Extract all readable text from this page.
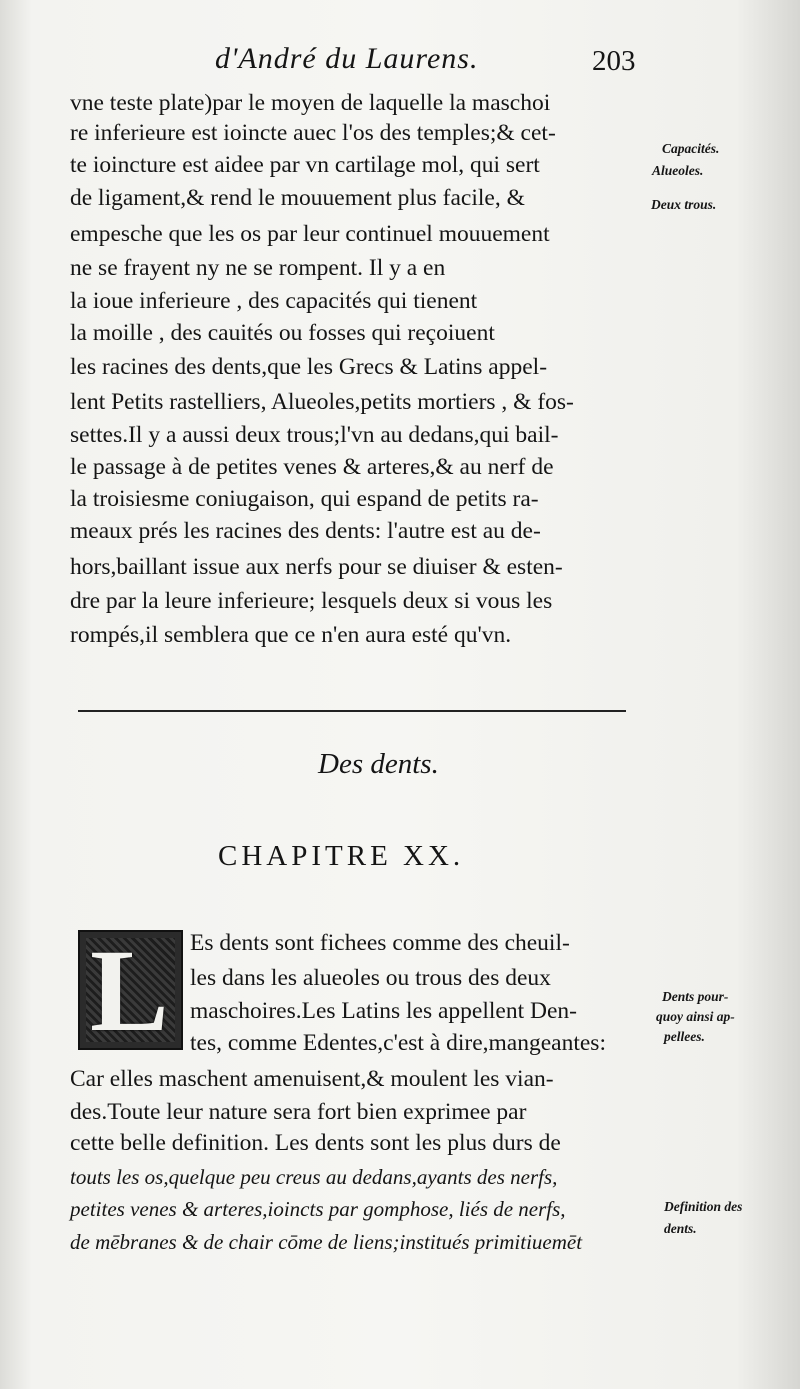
d'André du Laurens.	203
vne teste plate)par le moyen de laquelle la maschoi
re inferieure est ioincte auec l'os des temples;& cet-
te ioincture est aidee par vn cartilage mol, qui sert
de ligament,& rend le mouuement plus facile, &
empesche que les os par leur continuel mouuement
ne se frayent ny ne se rompent. Il y a en
la ioue inferieure , des capacités qui tienent
la moille , des cauités ou fosses qui reçoiuent
les racines des dents,que les Grecs & Latins appel-
lent Petits rastelliers, Alueoles,petits mortiers , & fos-
settes.Il y a aussi deux trous;l'vn au dedans,qui bail-
le passage à de petites venes & arteres,& au nerf de
la troisiesme coniugaison, qui espand de petits ra-
meaux prés les racines des dents: l'autre est au de-
hors,baillant issue aux nerfs pour se diuiser & esten-
dre par la leure inferieure; lesquels deux si vous les
rompés,il semblera que ce n'en aura esté qu'vn.
Capacités.
Alueoles.
Deux trous.
Des dents.
CHAPITRE XX.
L Es dents sont fichees comme des cheuil-
les dans les alueoles ou trous des deux
maschoires.Les Latins les appellent Den-
tes, comme Edentes,c'est à dire,mangeantes:
Car elles maschent amenuisent,& moulent les vian-
des.Toute leur nature sera fort bien exprimee par
cette belle definition. Les dents sont les plus durs de
touts les os,quelque peu creus au dedans,ayants des nerfs,
petites venes & arteres,ioincts par gomphose, liés de nerfs,
de mēbranes & de chair cōme de liens;institués primitiuemēt
Dents pour-
quoy ainsi ap-
pellees.
Definition des
dents.
